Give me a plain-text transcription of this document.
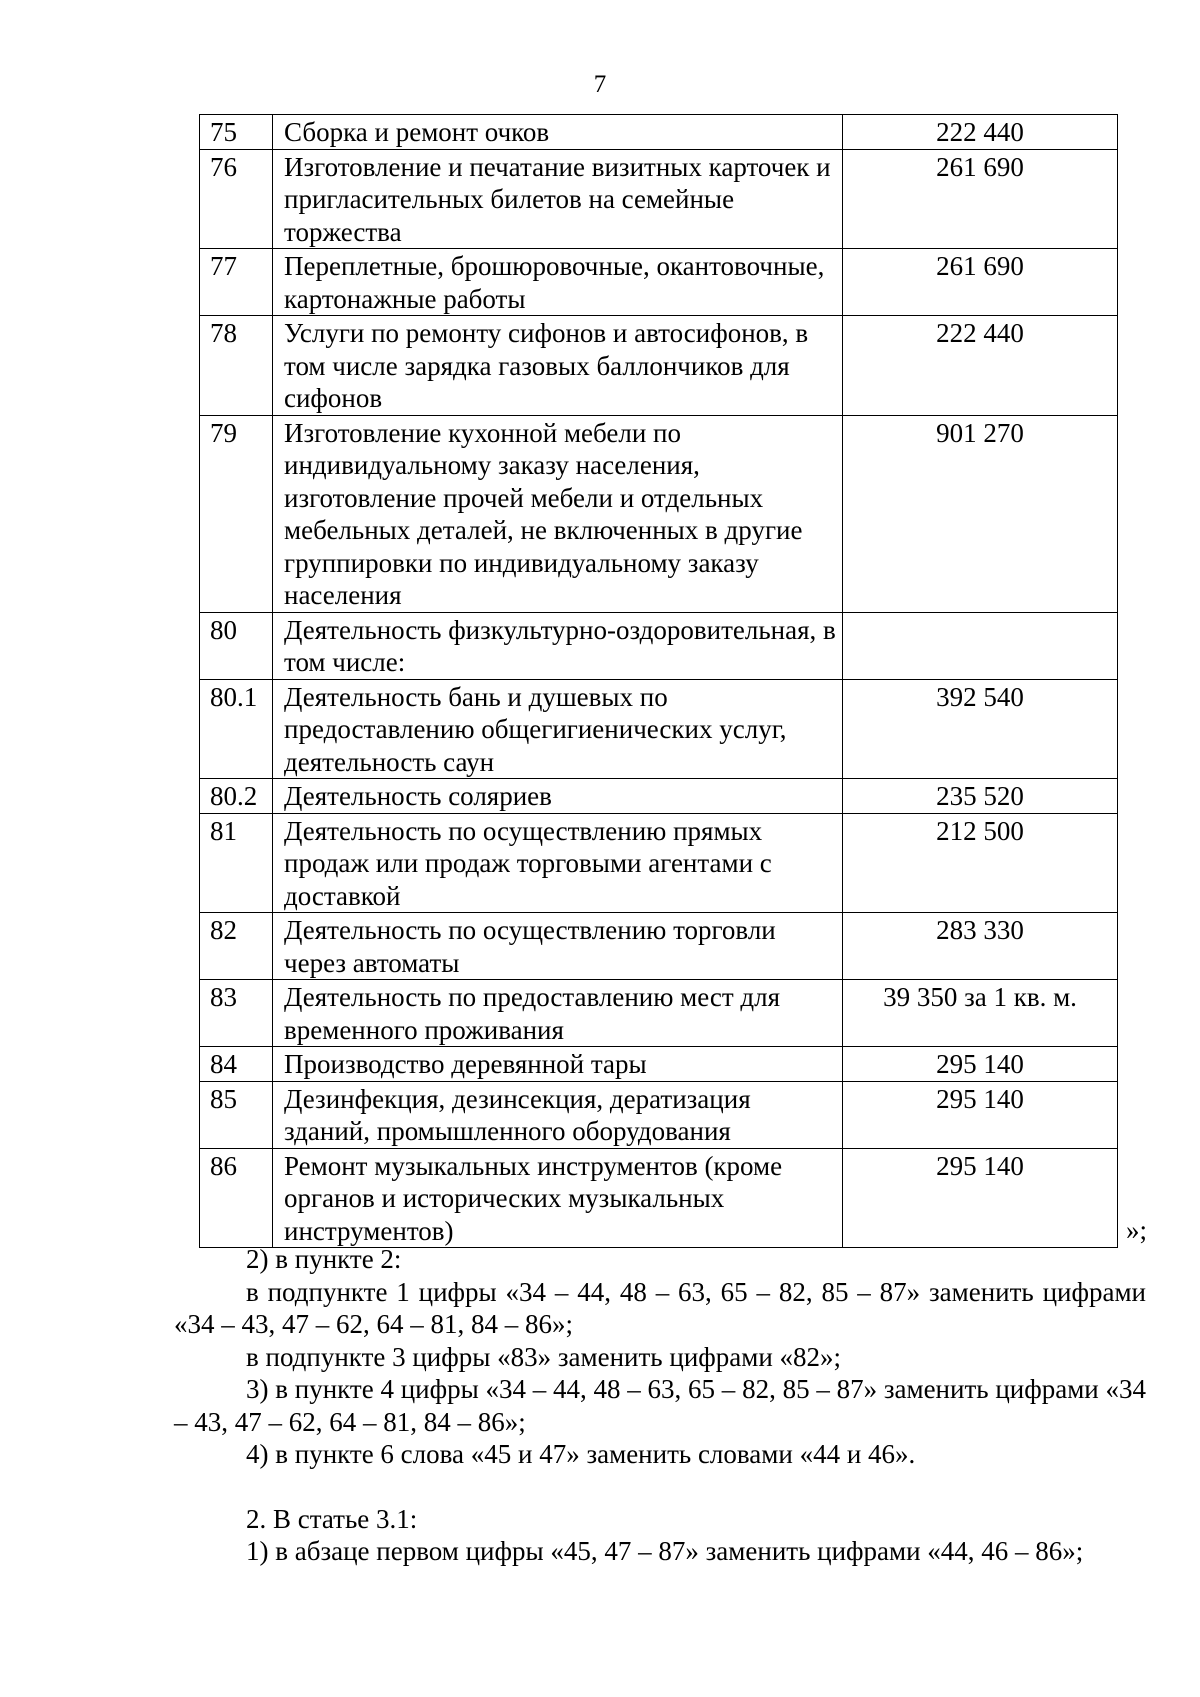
7
75	Сборка и ремонт очков	222 440
76	Изготовление и печатание визитных карточек и пригласительных билетов на семейные торжества	261 690
77	Переплетные, брошюровочные, окантовочные, картонажные работы	261 690
78	Услуги по ремонту сифонов и автосифонов, в том числе зарядка газовых баллончиков для сифонов	222 440
79	Изготовление кухонной мебели по индивидуальному заказу населения, изготовление прочей мебели и отдельных мебельных деталей, не включенных в другие группировки по индивидуальному заказу населения	901 270
80	Деятельность физкультурно-оздоровительная, в том числе:	
80.1	Деятельность бань и душевых по предоставлению общегигиенических услуг, деятельность саун	392 540
80.2	Деятельность соляриев	235 520
81	Деятельность по осуществлению прямых продаж или продаж торговыми агентами с доставкой	212 500
82	Деятельность по осуществлению торговли через автоматы	283 330
83	Деятельность по предоставлению мест для временного проживания	39 350 за 1 кв. м.
84	Производство деревянной тары	295 140
85	Дезинфекция, дезинсекция, дератизация зданий, промышленного оборудования	295 140
86	Ремонт музыкальных инструментов (кроме органов и исторических музыкальных инструментов)	295 140
»;

2) в пункте 2:

в подпункте 1 цифры «34 – 44, 48 – 63, 65 – 82, 85 – 87» заменить цифрами «34 – 43, 47 – 62, 64 – 81, 84 – 86»;

в подпункте 3 цифры «83» заменить цифрами «82»;

3) в пункте 4 цифры «34 – 44, 48 – 63, 65 – 82, 85 – 87» заменить цифрами «34 – 43, 47 – 62, 64 – 81, 84 – 86»;

4) в пункте 6 слова «45 и 47» заменить словами «44 и 46».

2. В статье 3.1:

1) в абзаце первом цифры «45, 47 – 87» заменить цифрами «44, 46 – 86»;
